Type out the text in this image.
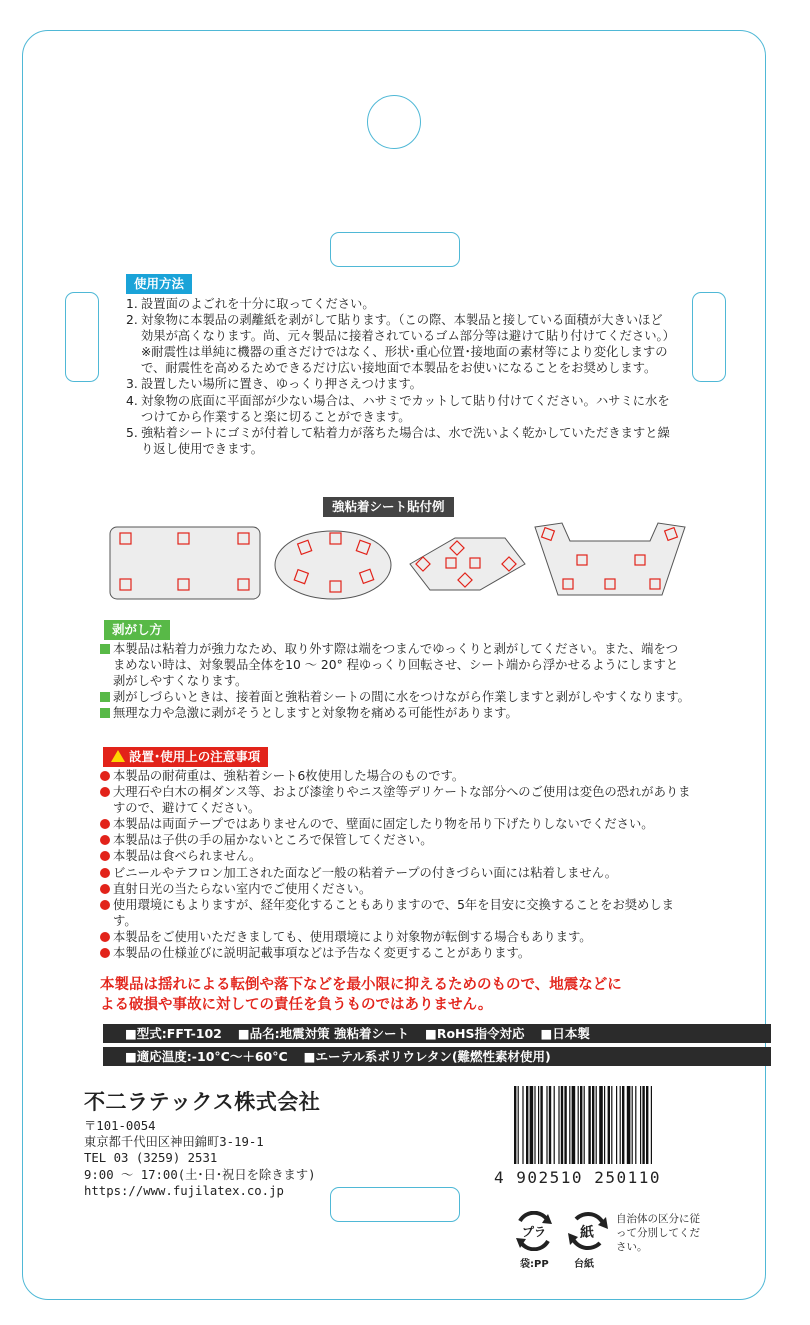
使用方法
1. 設置面のよごれを十分に取ってください。
2. 対象物に本製品の剥離紙を剥がして貼ります。（この際、本製品と接している面積が大きいほど効果が高くなります。尚、元々製品に接着されているゴム部分等は避けて貼り付けてください。）
※耐震性は単純に機器の重さだけではなく、形状･重心位置･接地面の素材等により変化しますので、耐震性を高めるためできるだけ広い接地面で本製品をお使いになることをお奨めします。
3. 設置したい場所に置き、ゆっくり押さえつけます。
4. 対象物の底面に平面部が少ない場合は、ハサミでカットして貼り付けてください。ハサミに水をつけてから作業すると楽に切ることができます。
5. 強粘着シートにゴミが付着して粘着力が落ちた場合は、水で洗いよく乾かしていただきますと繰り返し使用できます。
強粘着シート貼付例
剥がし方
本製品は粘着力が強力なため、取り外す際は端をつまんでゆっくりと剥がしてください。また、端をつまめない時は、対象製品全体を10 〜 20° 程ゆっくり回転させ、シート端から浮かせるようにしますと剥がしやすくなります。
剥がしづらいときは、接着面と強粘着シートの間に水をつけながら作業しますと剥がしやすくなります。
無理な力や急激に剥がそうとしますと対象物を痛める可能性があります。
設置･使用上の注意事項
本製品の耐荷重は、強粘着シート6枚使用した場合のものです。
大理石や白木の桐ダンス等、および漆塗りやニス塗等デリケートな部分へのご使用は変色の恐れがありますので、避けてください。
本製品は両面テープではありませんので、壁面に固定したり物を吊り下げたりしないでください。
本製品は子供の手の届かないところで保管してください。
本製品は食べられません。
ビニールやテフロン加工された面など一般の粘着テープの付きづらい面には粘着しません。
直射日光の当たらない室内でご使用ください。
使用環境にもよりますが、経年変化することもありますので、5年を目安に交換することをお奨めします。
本製品をご使用いただきましても、使用環境により対象物が転倒する場合もあります。
本製品の仕様並びに説明記載事項などは予告なく変更することがあります。
本製品は揺れによる転倒や落下などを最小限に抑えるためのもので、地震などに
よる破損や事故に対しての責任を負うものではありません。
■型式:FFT-102 ■品名:地震対策 強粘着シート ■RoHS指令対応 ■日本製
■適応温度:-10°C〜＋60°C ■エーテル系ポリウレタン(難燃性素材使用)
不二ラテックス株式会社
〒101-0054
東京都千代田区神田錦町3-19-1
TEL 03 (3259) 2531
9:00 〜 17:00(土･日･祝日を除きます)
https://www.fujilatex.co.jp
4 902510 250110
プラ
袋:PP
紙
台紙
自治体の区分に従って分別してください。
